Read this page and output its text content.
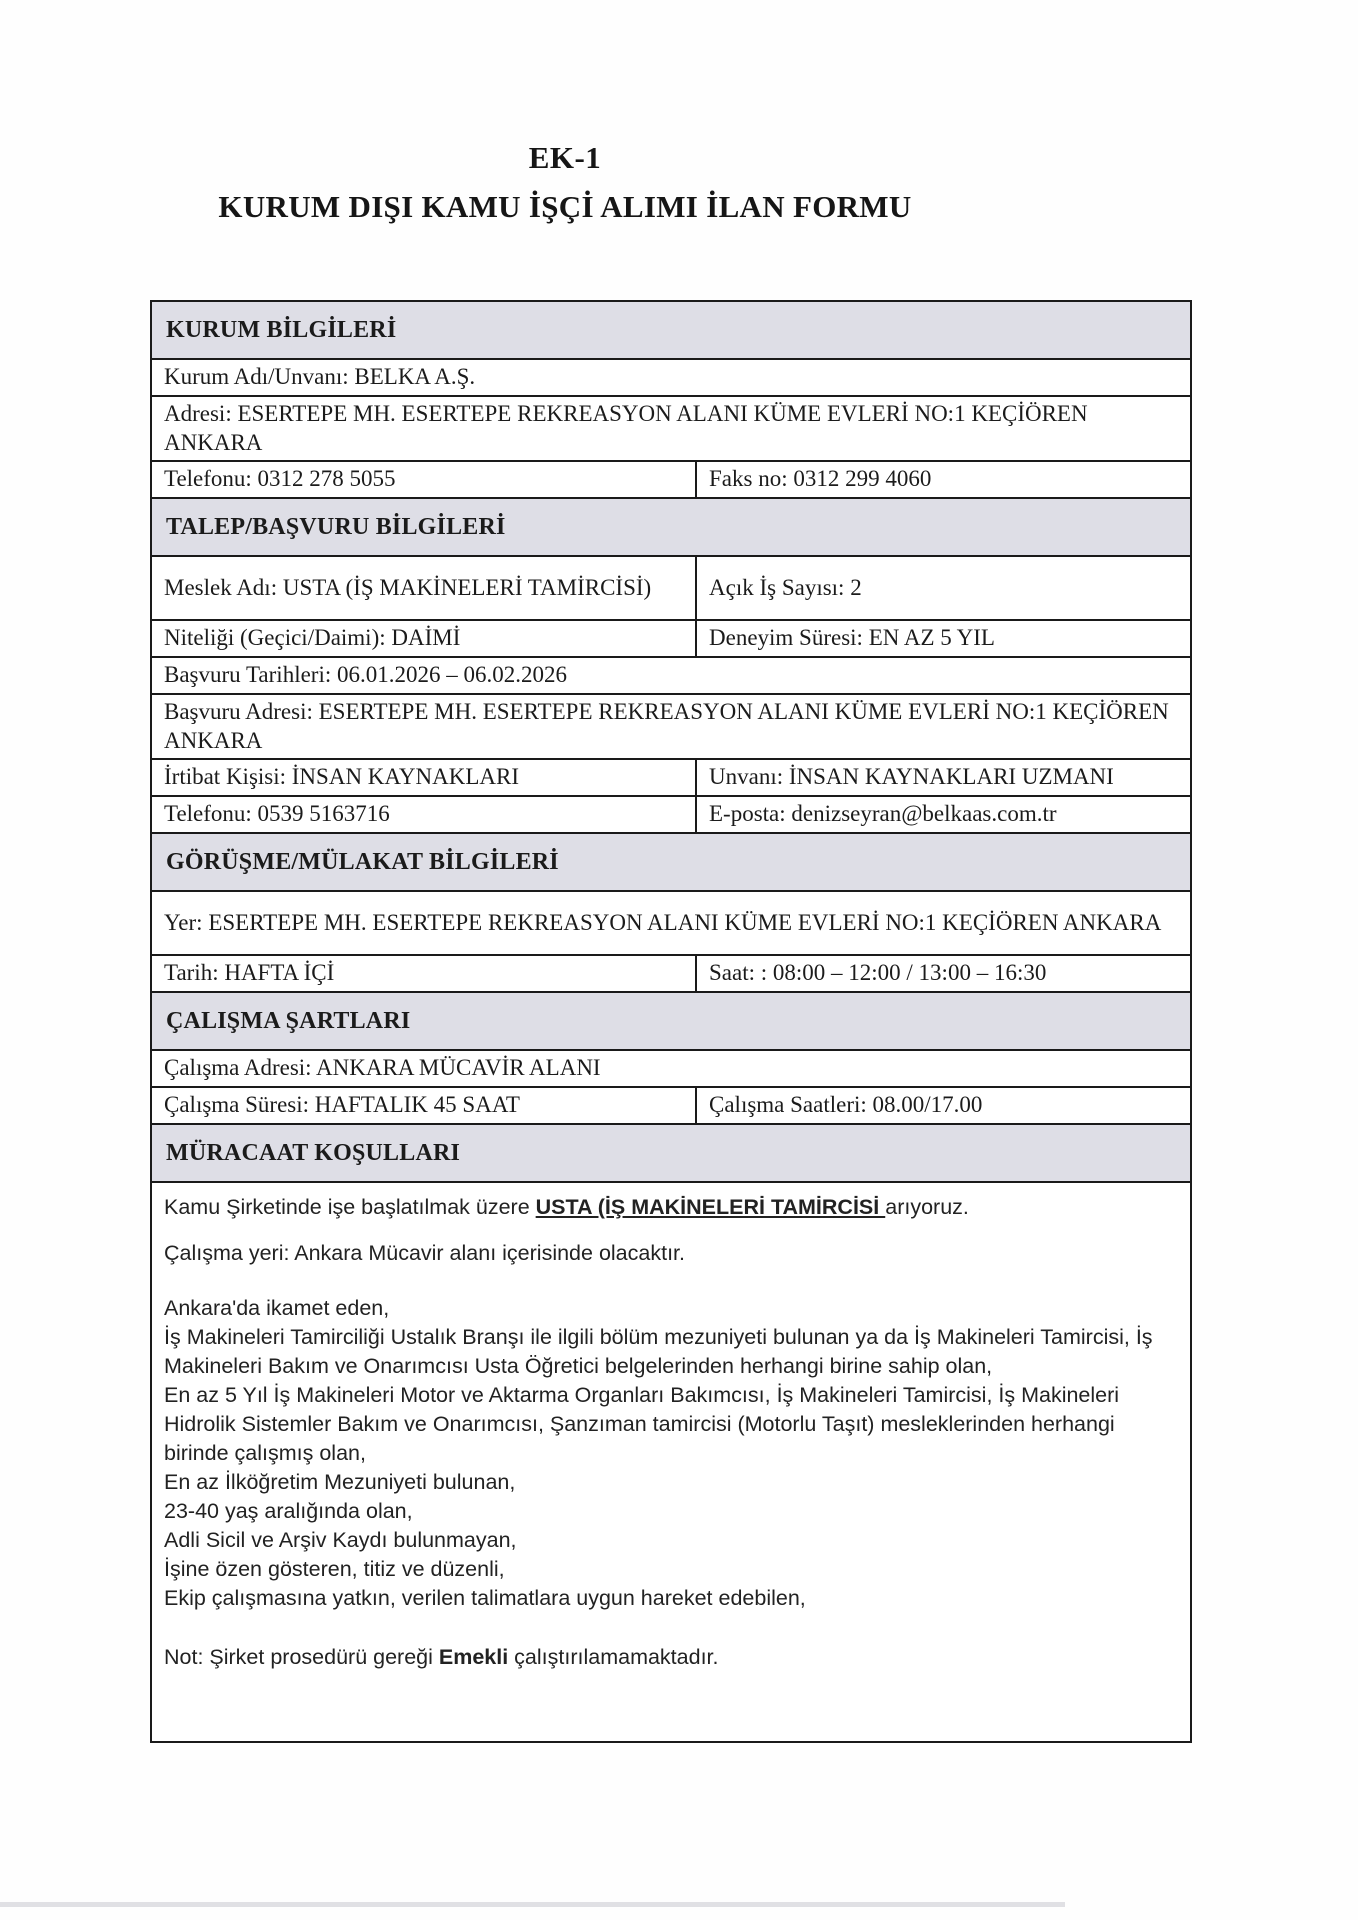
EK-1
KURUM DIŞI KAMU İŞÇİ ALIMI İLAN FORMU
KURUM BİLGİLERİ
Kurum Adı/Unvanı: BELKA A.Ş.
Adresi: ESERTEPE MH. ESERTEPE REKREASYON ALANI KÜME EVLERİ NO:1 KEÇİÖREN ANKARA
Telefonu: 0312 278 5055	Faks no: 0312 299 4060
TALEP/BAŞVURU BİLGİLERİ
Meslek Adı: USTA (İŞ MAKİNELERİ TAMİRCİSİ)	Açık İş Sayısı: 2
Niteliği (Geçici/Daimi): DAİMİ	Deneyim Süresi: EN AZ 5 YIL
Başvuru Tarihleri: 06.01.2026 – 06.02.2026
Başvuru Adresi: ESERTEPE MH. ESERTEPE REKREASYON ALANI KÜME EVLERİ NO:1 KEÇİÖREN ANKARA
İrtibat Kişisi: İNSAN KAYNAKLARI	Unvanı: İNSAN KAYNAKLARI UZMANI
Telefonu: 0539 5163716	E-posta: denizseyran@belkaas.com.tr
GÖRÜŞME/MÜLAKAT BİLGİLERİ
Yer: ESERTEPE MH. ESERTEPE REKREASYON ALANI KÜME EVLERİ NO:1 KEÇİÖREN ANKARA
Tarih: HAFTA İÇİ	Saat: : 08:00 – 12:00 / 13:00 – 16:30
ÇALIŞMA ŞARTLARI
Çalışma Adresi: ANKARA MÜCAVİR ALANI
Çalışma Süresi: HAFTALIK 45 SAAT	Çalışma Saatleri: 08.00/17.00
MÜRACAAT KOŞULLARI

Kamu Şirketinde işe başlatılmak üzere USTA (İŞ MAKİNELERİ TAMİRCİSİ arıyoruz.

Çalışma yeri: Ankara Mücavir alanı içerisinde olacaktır.

Ankara'da ikamet eden,

İş Makineleri Tamirciliği Ustalık Branşı ile ilgili bölüm mezuniyeti bulunan ya da İş Makineleri Tamircisi, İş Makineleri Bakım ve Onarımcısı Usta Öğretici belgelerinden herhangi birine sahip olan,

En az 5 Yıl İş Makineleri Motor ve Aktarma Organları Bakımcısı, İş Makineleri Tamircisi, İş Makineleri Hidrolik Sistemler Bakım ve Onarımcısı, Şanzıman tamircisi (Motorlu Taşıt) mesleklerinden herhangi birinde çalışmış olan,

En az İlköğretim Mezuniyeti bulunan,

23-40 yaş aralığında olan,

Adli Sicil ve Arşiv Kaydı bulunmayan,

İşine özen gösteren, titiz ve düzenli,

Ekip çalışmasına yatkın, verilen talimatlara uygun hareket edebilen,

Not: Şirket prosedürü gereği Emekli çalıştırılamamaktadır.
